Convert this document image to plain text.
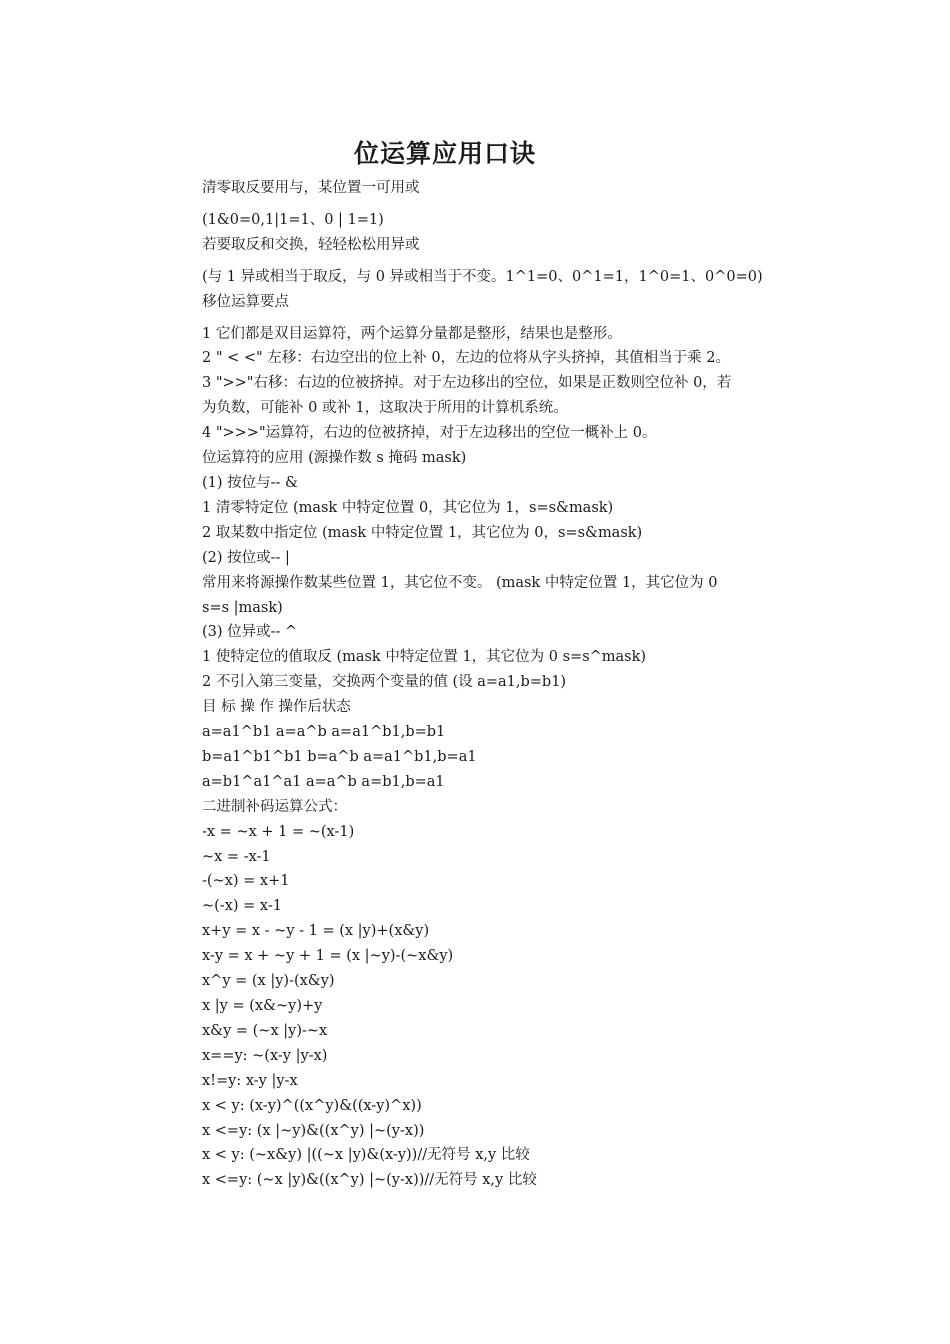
位运算应用口诀
清零取反要用与，某位置一可用或
(1&0=0,1|1=1、0 | 1=1)
若要取反和交换，轻轻松松用异或
(与 1 异或相当于取反，与 0 异或相当于不变。1^1=0、0^1=1，1^0=1、0^0=0)
移位运算要点
1 它们都是双目运算符，两个运算分量都是整形，结果也是整形。
2 " < <" 左移：右边空出的位上补 0，左边的位将从字头挤掉，其值相当于乘 2。
3 ">>"右移：右边的位被挤掉。对于左边移出的空位，如果是正数则空位补 0，若
为负数，可能补 0 或补 1，这取决于所用的计算机系统。
4 ">>>"运算符，右边的位被挤掉，对于左边移出的空位一概补上 0。
位运算符的应用 (源操作数 s 掩码 mask)
(1) 按位与-- &
1 清零特定位 (mask 中特定位置 0，其它位为 1，s=s&mask)
2 取某数中指定位 (mask 中特定位置 1，其它位为 0，s=s&mask)
(2) 按位或-- |
常用来将源操作数某些位置 1，其它位不变。 (mask 中特定位置 1，其它位为 0
s=s |mask)
(3) 位异或-- ^
1 使特定位的值取反 (mask 中特定位置 1，其它位为 0 s=s^mask)
2 不引入第三变量，交换两个变量的值 (设 a=a1,b=b1)
目 标 操 作 操作后状态
a=a1^b1 a=a^b a=a1^b1,b=b1
b=a1^b1^b1 b=a^b a=a1^b1,b=a1
a=b1^a1^a1 a=a^b a=b1,b=a1
二进制补码运算公式：
-x = ~x + 1 = ~(x-1)
~x = -x-1
-(~x) = x+1
~(-x) = x-1
x+y = x - ~y - 1 = (x |y)+(x&y)
x-y = x + ~y + 1 = (x |~y)-(~x&y)
x^y = (x |y)-(x&y)
x |y = (x&~y)+y
x&y = (~x |y)-~x
x==y: ~(x-y |y-x)
x!=y: x-y |y-x
x < y: (x-y)^((x^y)&((x-y)^x))
x <=y: (x |~y)&((x^y) |~(y-x))
x < y: (~x&y) |((~x |y)&(x-y))//无符号 x,y 比较
x <=y: (~x |y)&((x^y) |~(y-x))//无符号 x,y 比较
